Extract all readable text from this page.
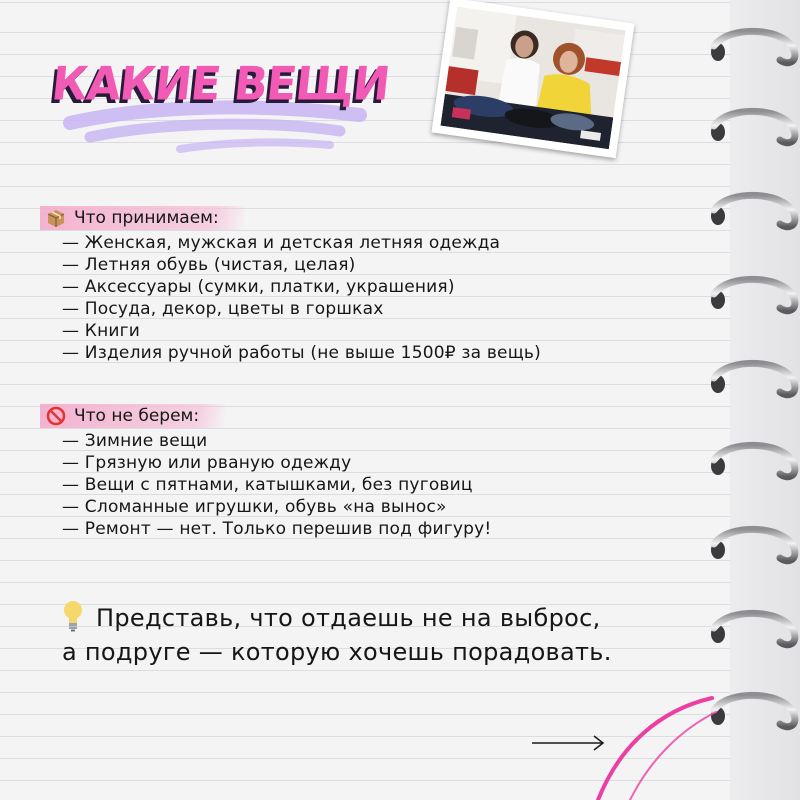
КАКИЕ ВЕЩИ
Что принимаем:
— Женская, мужская и детская летняя одежда
— Летняя обувь (чистая, целая)
— Аксессуары (сумки, платки, украшения)
— Посуда, декор, цветы в горшках
— Книги
— Изделия ручной работы (не выше 1500₽ за вещь)
Что не берем:
— Зимние вещи
— Грязную или рваную одежду
— Вещи с пятнами, катышками, без пуговиц
— Сломанные игрушки, обувь «на вынос»
— Ремонт — нет. Только перешив под фигуру!
Представь, что отдаешь не на выброс,
а подруге — которую хочешь порадовать.
